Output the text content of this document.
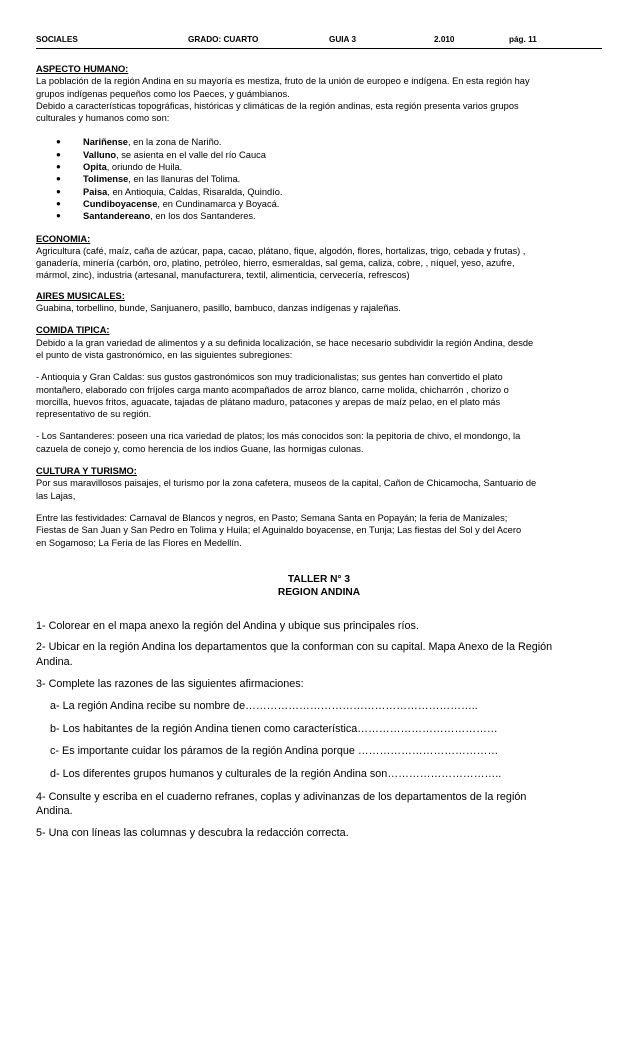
SOCIALES	GRADO: CUARTO	GUIA 3	2.010	pág. 11
ASPECTO HUMANO:
La población de la región Andina en su mayoría es mestiza, fruto de la unión de europeo e indígena. En esta región hay
grupos indígenas pequeños como los Paeces, y guámbianos.
Debido a características topográficas, históricas y climáticas de la región andinas, esta región presenta varios grupos
culturales y humanos como son:
● Nariñense, en la zona de Nariño.
● Valluno, se asienta en el valle del río Cauca
● Opita, oriundo de Huila.
● Tolimense, en las llanuras del Tolima.
● Paisa, en Antioquia, Caldas, Risaralda, Quindío.
● Cundiboyacense, en Cundinamarca y Boyacá.
● Santandereano, en los dos Santanderes.
ECONOMIA:
Agricultura (café, maíz, caña de azúcar, papa, cacao, plátano, fique, algodón, flores, hortalizas, trigo, cebada y frutas) ,
ganadería, minería (carbón, oro, platino, petróleo, hierro, esmeraldas, sal gema, caliza, cobre, , níquel, yeso, azufre,
mármol, zinc), industria (artesanal, manufacturera, textil, alimenticia, cervecería, refrescos)
AIRES MUSICALES:
Guabina, torbellino, bunde, Sanjuanero, pasillo, bambuco, danzas indígenas y rajaleñas.
COMIDA TIPICA:
Debido a la gran variedad de alimentos y a su definida localización, se hace necesario subdividir la región Andina, desde
el punto de vista gastronómico, en las siguientes subregiones:
- Antioquia y Gran Caldas: sus gustos gastronómicos son muy tradicionalistas; sus gentes han convertido el plato
montañero, elaborado con fríjoles carga manto acompañados de arroz blanco, carne molida, chicharrón , chorizo o
morcilla, huevos fritos, aguacate, tajadas de plátano maduro, patacones y arepas de maíz pelao, en el plato más
representativo de su región.
- Los Santanderes: poseen una rica variedad de platos; los más conocidos son: la pepitoria de chivo, el mondongo, la
cazuela de conejo y, como herencia de los indios Guane, las hormigas culonas.
CULTURA Y TURISMO:
Por sus maravillosos paisajes, el turismo por la zona cafetera, museos de la capital, Cañon de Chicamocha, Santuario de
las Lajas,
Entre las festividades: Carnaval de Blancos y negros, en Pasto; Semana Santa en Popayán; la feria de Manizales;
Fiestas de San Juan y San Pedro en Tolima y Huila; el Aguinaldo boyacense, en Tunja; Las fiestas del Sol y del Acero
en Sogamoso; La Feria de las Flores en Medellín.
TALLER N° 3
REGION ANDINA
1- Colorear en el mapa anexo la región del Andina y ubique sus principales ríos.
2- Ubicar en la región Andina los departamentos que la conforman con su capital. Mapa Anexo de la Región
Andina.
3- Complete las razones de las siguientes afirmaciones:
a- La región Andina recibe su nombre de………………………………………………………..
b- Los habitantes de la región Andina tienen como característica…………………………………
c- Es importante cuidar los páramos de la región Andina porque …………………………………
d- Los diferentes grupos humanos y culturales de la región Andina son…………………………..
4- Consulte y escriba en el cuaderno refranes, coplas y adivinanzas de los departamentos de la región
Andina.
5- Una con líneas las columnas y descubra la redacción correcta.
